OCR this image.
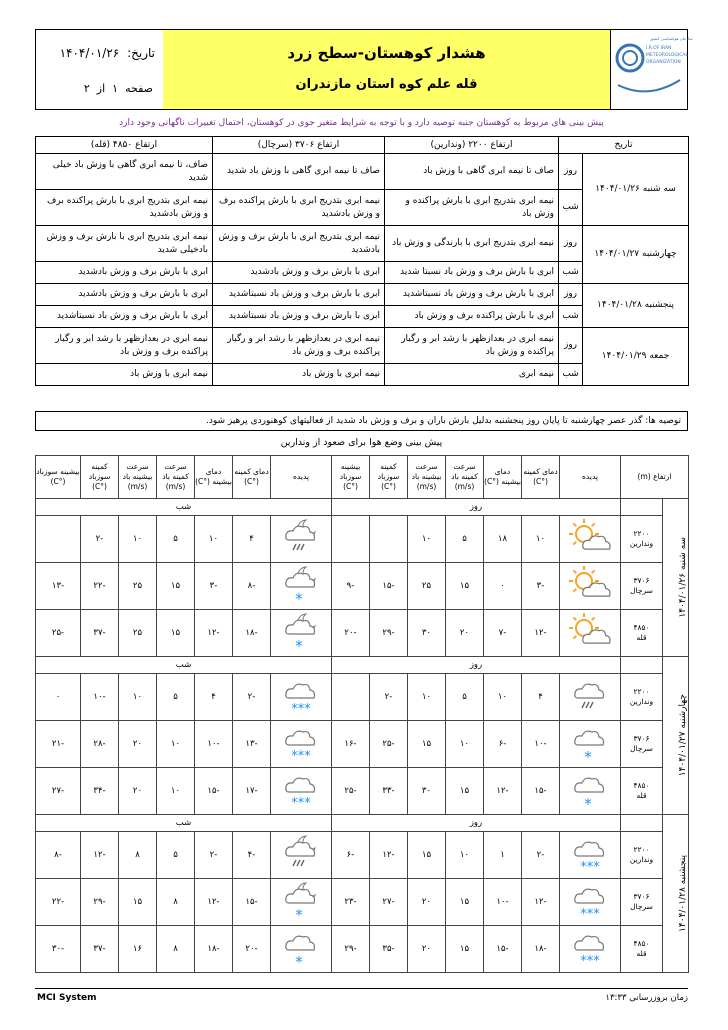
تاریخ: ۱۴۰۴/۰۱/۲۶
صفحه  ۱  از  ۲
هشدار کوهستان-سطح زرد
قله علم کوه استان مازندران
سازمان هواشناسی کشور
I.R.OF IRAN
METEOROLOGICAL
ORGANIZATION
پیش بینی های مربوط به کوهستان جنبه توصیه دارد و با توجه به شرایط متغیر جوی در کوهستان، احتمال تغییرات ناگهانی وجود دارد
تاریخ		ارتفاع ۲۲۰۰ (وندارین)	ارتفاع ۳۷۰۶ (سرچال)	ارتفاع ۴۸۵۰ (قله)
سه شنبه ۱۴۰۴/۰۱/۲۶	روز	صاف تا نیمه ابری گاهی با وزش باد	صاف تا نیمه ابری گاهی با وزش باد شدید	صاف، تا نیمه ابری گاهی با وزش باد خیلی شدید
	شب	نیمه ابری بتدریج ابری با بارش پراکنده و وزش باد	نیمه ابری بتدریج ابری با بارش پراکنده برف و وزش بادشدید	نیمه ابری بتدریج ابری با بارش پراکنده برف و وزش بادشدید
چهارشنبه ۱۴۰۴/۰۱/۲۷	روز	نیمه ابری بتدریج ابری با بارندگی و وزش باد	نیمه ابری بتدریج ابری با بارش برف و وزش بادشدید	نیمه ابری بتدریج ابری با بارش برف و وزش بادخیلی شدید
	شب	ابری با بارش برف و وزش باد نسبتا شدید	ابری با بارش برف و وزش بادشدید	ابری با بارش برف و وزش بادشدید
پنجشنبه ۱۴۰۴/۰۱/۲۸	روز	ابری با بارش برف و وزش باد نسبتاشدید	ابری با بارش برف و وزش باد نسبتاشدید	ابری با بارش برف و وزش بادشدید
	شب	ابری با بارش پراکنده برف و وزش باد	ابری با بارش برف و وزش باد نسبتاشدید	ابری با بارش برف و وزش باد نسبتاشدید
جمعه ۱۴۰۴/۰۱/۲۹	روز	نیمه ابری در بعدازظهر با رشد ابر و رگبار پراکنده و وزش باد	نیمه ابری در بعدازظهر با رشد ابر و رگبار پراکنده برف و وزش باد	نیمه ابری در بعدازظهر با رشد ابر و رگبار پراکنده برف و وزش باد
	شب	نیمه ابری	نیمه ابری با وزش باد	نیمه ابری با وزش باد
توصیه ها: گذر عصر چهارشنبه تا پایان روز پنجشنبه بدلیل بارش باران و برف و وزش باد شدید از فعالیتهای کوهنوردی پرهیز شود.
پیش بینی وضع هوا برای صعود از وندارین
ارتفاع (m)		پدیده	دمای کمینه (°C)	دمای بیشینه (°C)	سرعت کمینه باد (m/s)	سرعت بیشینه باد (m/s)	کمینه سوزباد (°C)	بیشینه سوزباد (°C)	پدیده	دمای کمینه (°C)	دمای بیشینه (°C)	سرعت کمینه باد (m/s)	سرعت بیشینه باد (m/s)	کمینه سوزباد (°C)	بیشینه سوزباد (°C)

سه شنبه ۱۴۰۴/۰۱/۲۶		روز							شب						

	۲۲۰۰
وندارین		۱۰	۱۸	۵	۱۰				۴	۱۰	۵	۱۰	-۲	

	۳۷۰۶
سرچال		-۳	۰	۱۵	۲۵	-۱۵	-۹	*	-۸	-۳	۱۵	۲۵	-۲۲	-۱۳

	۴۸۵۰
قله		-۱۲	-۷	۲۰	۳۰	-۲۹	-۲۰	*	-۱۸	-۱۲	۱۵	۲۵	-۳۷	-۲۵

چهارشنبه ۱۴۰۴/۰۱/۲۷		روز							شب						

	۲۲۰۰
وندارین		۴	۱۰	۵	۱۰	-۲		***	-۲	۴	۵	۱۰	-۱۰	۰

	۳۷۰۶
سرچال	*	-۱۰	-۶	۱۰	۱۵	-۲۵	-۱۶	***	-۱۳	-۱۰	۱۰	۲۰	-۲۸	-۲۱

	۴۸۵۰
قله	*	-۱۵	-۱۲	۱۵	۳۰	-۳۳	-۲۵	***	-۱۷	-۱۵	۱۰	۲۰	-۳۴	-۲۷

پنجشنبه ۱۴۰۴/۰۱/۲۸		روز							شب						

	۲۲۰۰
وندارین	***	-۲	۱	۱۰	۱۵	-۱۲	-۶		-۴	-۲	۵	۸	-۱۲	-۸

	۳۷۰۶
سرچال	***	-۱۲	-۱۰	۱۵	۲۰	-۲۷	-۲۳	*	-۱۵	-۱۲	۸	۱۵	-۲۹	-۲۲

	۴۸۵۰
قله	***	-۱۸	-۱۵	۱۵	۲۰	-۳۵	-۲۹	*	-۲۰	-۱۸	۸	۱۶	-۳۷	-۳۰
MCI System	زمان بروزرسانی ۱۳:۳۳
